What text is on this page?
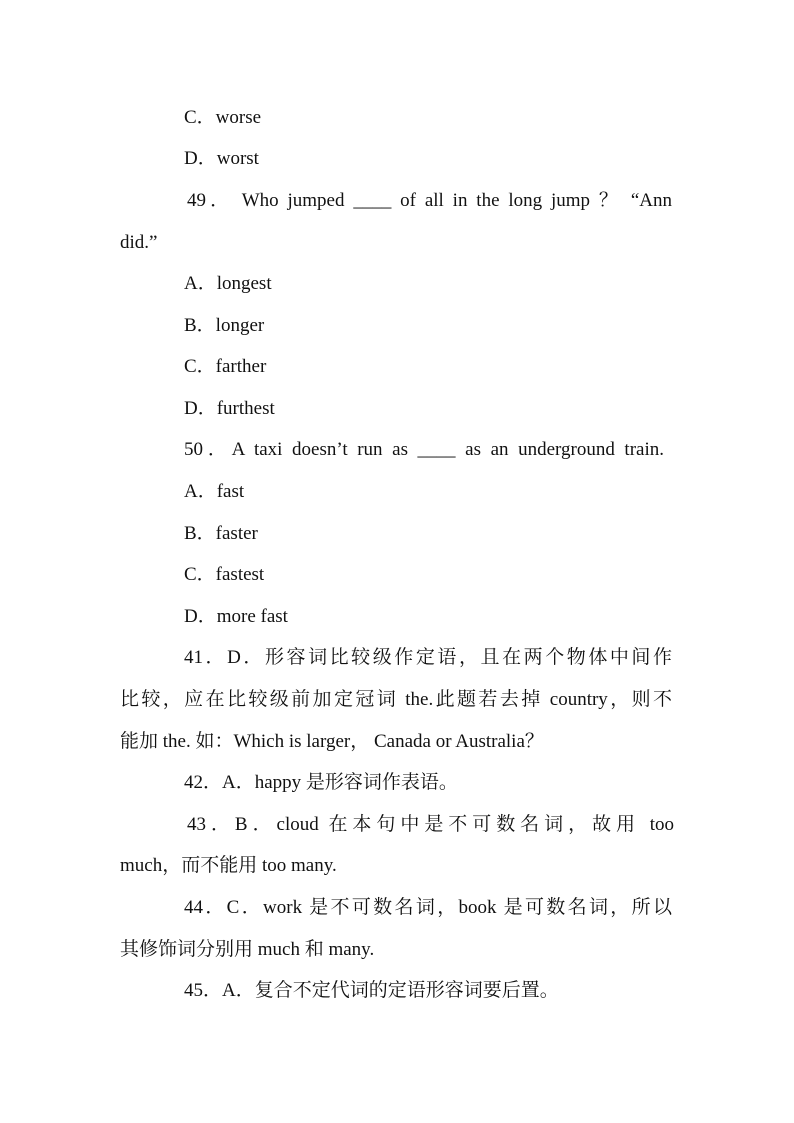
C．worse
D．worst
49． Who jumped ____ of all in the long jump ？ “Ann
did.”
A．longest
B．longer
C．farther
D．furthest
50．A taxi doesn’t run as ____ as an underground train.
A．fast
B．faster
C．fastest
D．more fast
41．D．形容词比较级作定语，且在两个物体中间作
比较，应在比较级前加定冠词 the.此题若去掉 country，则不
能加 the. 如：Which is larger， Canada or Australia？
42．A．happy 是形容词作表语。
43．B．cloud 在本句中是不可数名词，故用 too
much，而不能用 too many.
44．C．work 是不可数名词，book 是可数名词，所以
其修饰词分别用 much 和 many.
45．A．复合不定代词的定语形容词要后置。
